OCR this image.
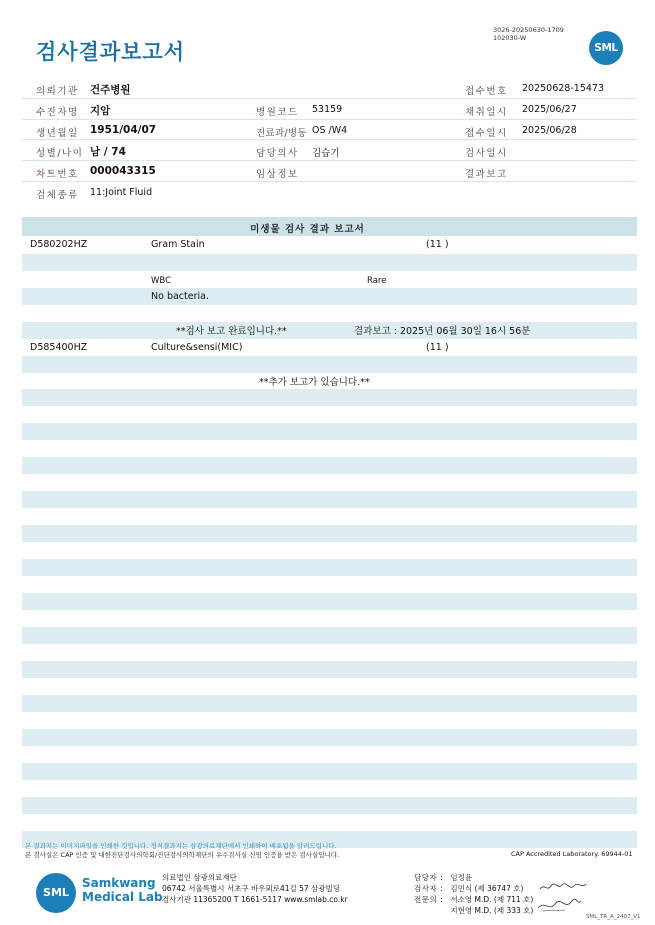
3026-20250630-1709
102030-W
SML
검사결과보고서
의뢰기관 건주병원	접수번호 20250628-15473
수진자명 지암	병원코드 53159	채취일시 2025/06/27
생년월일 1951/04/07	진료과/병동 OS /W4	접수일시 2025/06/28
성별/나이 남 / 74	담당의사 김습기	검사일시
차트번호 000043315	임상정보	결과보고
검체종류 11:Joint Fluid
미생물 검사 결과 보고서
D580202HZ	Gram Stain	(11 )
WBC	Rare
No bacteria.
**검사 보고 완료입니다.**	결과보고 : 2025년 06월 30일 16시 56분
D585400HZ	Culture&sensi(MIC)	(11 )
**추가 보고가 있습니다.**
본 결과지는 이미지파일을 인쇄한 것입니다. 정식결과지는 삼광의료재단에서 인쇄하여 배포됨을 알려드립니다.
본 검사실은 CAP 인증 및 대한진단검사의학회/진단검사의학재단의 우수검사실 신임 인증을 받은 검사실입니다.	CAP Accredited Laboratory. 69944-01
SML
Samkwang
Medical Lab
의료법인 삼광의료재단
06742 서울특별시 서초구 바우뫼로41길 57 삼광빌딩
검사기관 11365200 T 1661-5117 www.smlab.co.kr
담당자 : 임정윤
검사자 : 김민식 (제 36747 호)
전문의 : 서소영 M.D. (제 711 호)
지현영 M.D. (제 333 호)
SML_TR_A_2407_V1
